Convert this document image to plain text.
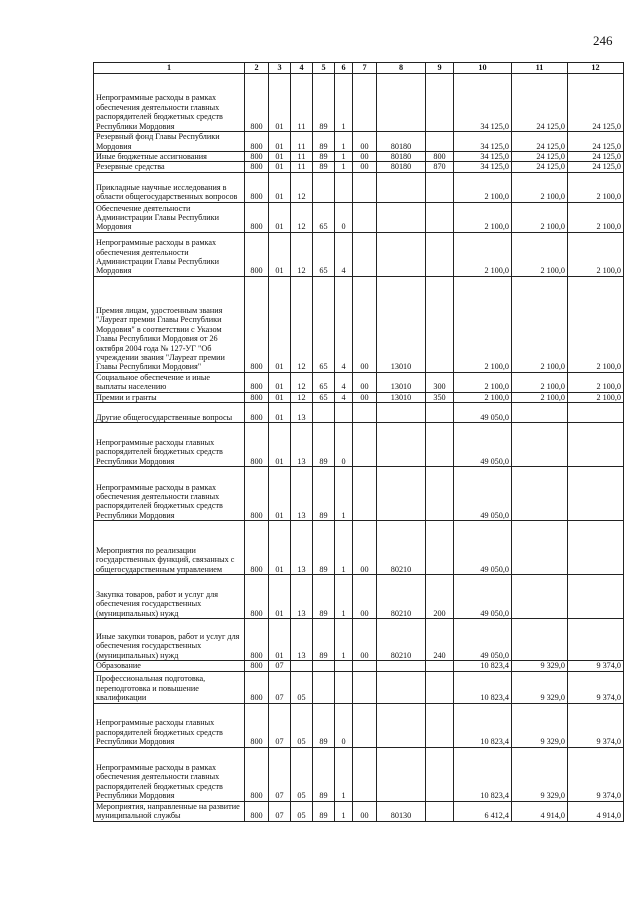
246
1	2	3	4	5	6	7	8	9	10	11	12
Непрограммные расходы в рамках обеспечения деятельности главных распорядителей бюджетных средств Республики Мордовия	800	01	11	89	1				34 125,0	24 125,0	24 125,0
Резервный фонд Главы Республики Мордовия	800	01	11	89	1	00	80180		34 125,0	24 125,0	24 125,0
Иные бюджетные ассигнования	800	01	11	89	1	00	80180	800	34 125,0	24 125,0	24 125,0
Резервные средства	800	01	11	89	1	00	80180	870	34 125,0	24 125,0	24 125,0
Прикладные научные исследования в области общегосударственных вопросов	800	01	12						2 100,0	2 100,0	2 100,0
Обеспечение деятельности Администрации Главы Республики Мордовия	800	01	12	65	0				2 100,0	2 100,0	2 100,0
Непрограммные расходы в рамках обеспечения деятельности Администрации Главы Республики Мордовия	800	01	12	65	4				2 100,0	2 100,0	2 100,0
Премия лицам, удостоенным звания "Лауреат премии Главы Республики Мордовия" в соответствии с Указом Главы Республики Мордовия от 26 октября 2004 года № 127-УГ "Об учреждении звания "Лауреат премии Главы Республики Мордовия"	800	01	12	65	4	00	13010		2 100,0	2 100,0	2 100,0
Социальное обеспечение и иные выплаты населению	800	01	12	65	4	00	13010	300	2 100,0	2 100,0	2 100,0
Премии и гранты	800	01	12	65	4	00	13010	350	2 100,0	2 100,0	2 100,0
Другие общегосударственные вопросы	800	01	13						49 050,0		
Непрограммные расходы главных распорядителей бюджетных средств Республики Мордовия	800	01	13	89	0				49 050,0		
Непрограммные расходы в рамках обеспечения деятельности главных распорядителей бюджетных средств Республики Мордовия	800	01	13	89	1				49 050,0		
Мероприятия по реализации государственных функций, связанных с общегосударственным управлением	800	01	13	89	1	00	80210		49 050,0		
Закупка товаров, работ и услуг для обеспечения государственных (муниципальных) нужд	800	01	13	89	1	00	80210	200	49 050,0		
Иные закупки товаров, работ и услуг для обеспечения государственных (муниципальных) нужд	800	01	13	89	1	00	80210	240	49 050,0		
Образование	800	07							10 823,4	9 329,0	9 374,0
Профессиональная подготовка, переподготовка и повышение квалификации	800	07	05						10 823,4	9 329,0	9 374,0
Непрограммные расходы главных распорядителей бюджетных средств Республики Мордовия	800	07	05	89	0				10 823,4	9 329,0	9 374,0
Непрограммные расходы в рамках обеспечения деятельности главных распорядителей бюджетных средств Республики Мордовия	800	07	05	89	1				10 823,4	9 329,0	9 374,0
Мероприятия, направленные на развитие муниципальной службы	800	07	05	89	1	00	80130		6 412,4	4 914,0	4 914,0
